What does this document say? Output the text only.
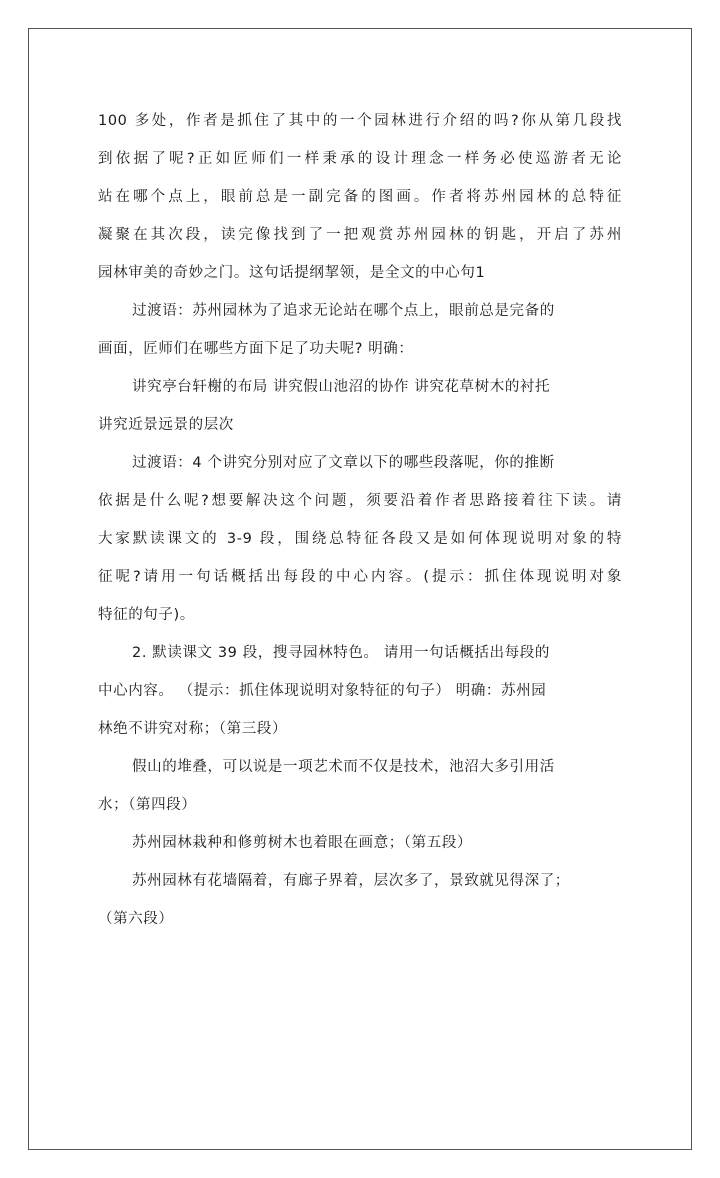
100 多处，作者是抓住了其中的一个园林进行介绍的吗?你从第几段找
到依据了呢?正如匠师们一样秉承的设计理念一样务必使巡游者无论
站在哪个点上，眼前总是一副完备的图画。作者将苏州园林的总特征
凝聚在其次段，读完像找到了一把观赏苏州园林的钥匙，开启了苏州
园林审美的奇妙之门。这句话提纲挈领，是全文的中心句1
过渡语：苏州园林为了追求无论站在哪个点上，眼前总是完备的
画面，匠师们在哪些方面下足了功夫呢? 明确：
讲究亭台轩榭的布局 讲究假山池沼的协作 讲究花草树木的衬托
讲究近景远景的层次
过渡语：4 个讲究分别对应了文章以下的哪些段落呢，你的推断
依据是什么呢?想要解决这个问题，须要沿着作者思路接着往下读。请
大家默读课文的 3-9 段，围绕总特征各段又是如何体现说明对象的特
征呢?请用一句话概括出每段的中心内容。(提示：抓住体现说明对象
特征的句子)。
2. 默读课文 39 段，搜寻园林特色。 请用一句话概括出每段的
中心内容。 （提示：抓住体现说明对象特征的句子） 明确：苏州园
林绝不讲究对称；（第三段）
假山的堆叠，可以说是一项艺术而不仅是技术，池沼大多引用活
水；（第四段）
苏州园林栽种和修剪树木也着眼在画意；（第五段）
苏州园林有花墙隔着，有廊子界着，层次多了，景致就见得深了；
（第六段）
